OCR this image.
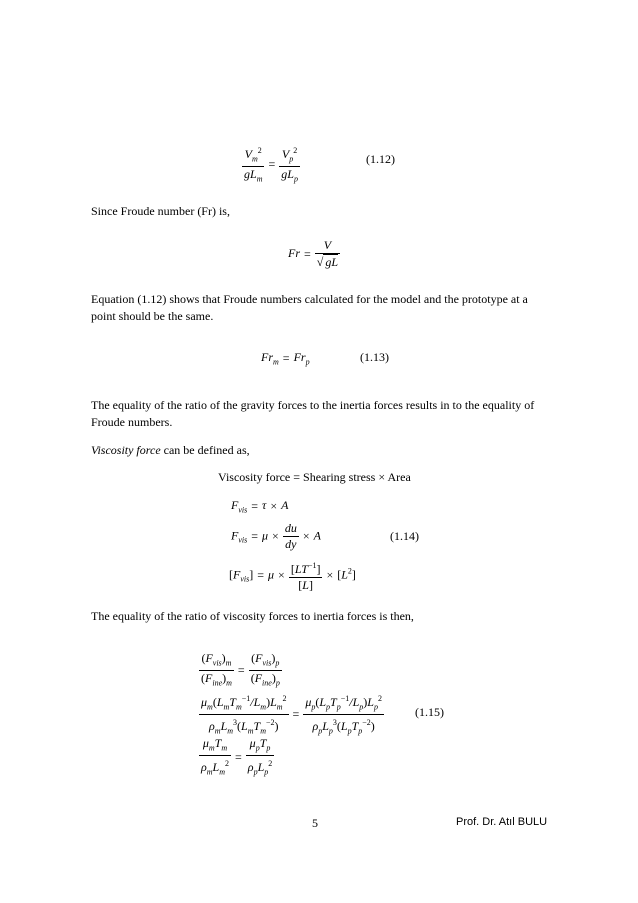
$\frac{V_m^2}{gL_m} = \frac{V_p^2}{gL_p}$	(1.12)
Since Froude number (Fr) is,
$Fr = \frac{V}{√ gL}$
Equation (1.12) shows that Froude numbers calculated for the model and the prototype at a point should be the same.
$Fr_m = Fr_p$	(1.13)
The equality of the ratio of the gravity forces to the inertia forces results in to the equality of Froude numbers.
Viscosity force can be defined as,
Viscosity force = Shearing stress × Area
$F_{vis} = \tau \times A$
$F_{vis} = \mu \times \frac{du}{dy} \times A$
$[F_{vis}] = \mu \times \frac{[LT^{-1}]}{[L]} \times [L^2]$
(1.14)
The equality of the ratio of viscosity forces to inertia forces is then,
$\frac{(F_{vis})_m}{(F_{ine})_m} = \frac{(F_{vis})_p}{(F_{ine})_p}$
$\frac{\mu_m(L_mT_m^{-1}/L_m)L_m^2}{\rho_mL_m^3(L_mT_m^{-2})} = \frac{\mu_p(L_pT_p^{-1}/L_p)L_p^2}{\rho_pL_p^3(L_pT_p^{-2})}$	(1.15)
$\frac{\mu_mT_m}{\rho_mL_m^2} = \frac{\mu_pT_p}{\rho_pL_p^2}$
5	Prof. Dr. Atıl BULU
